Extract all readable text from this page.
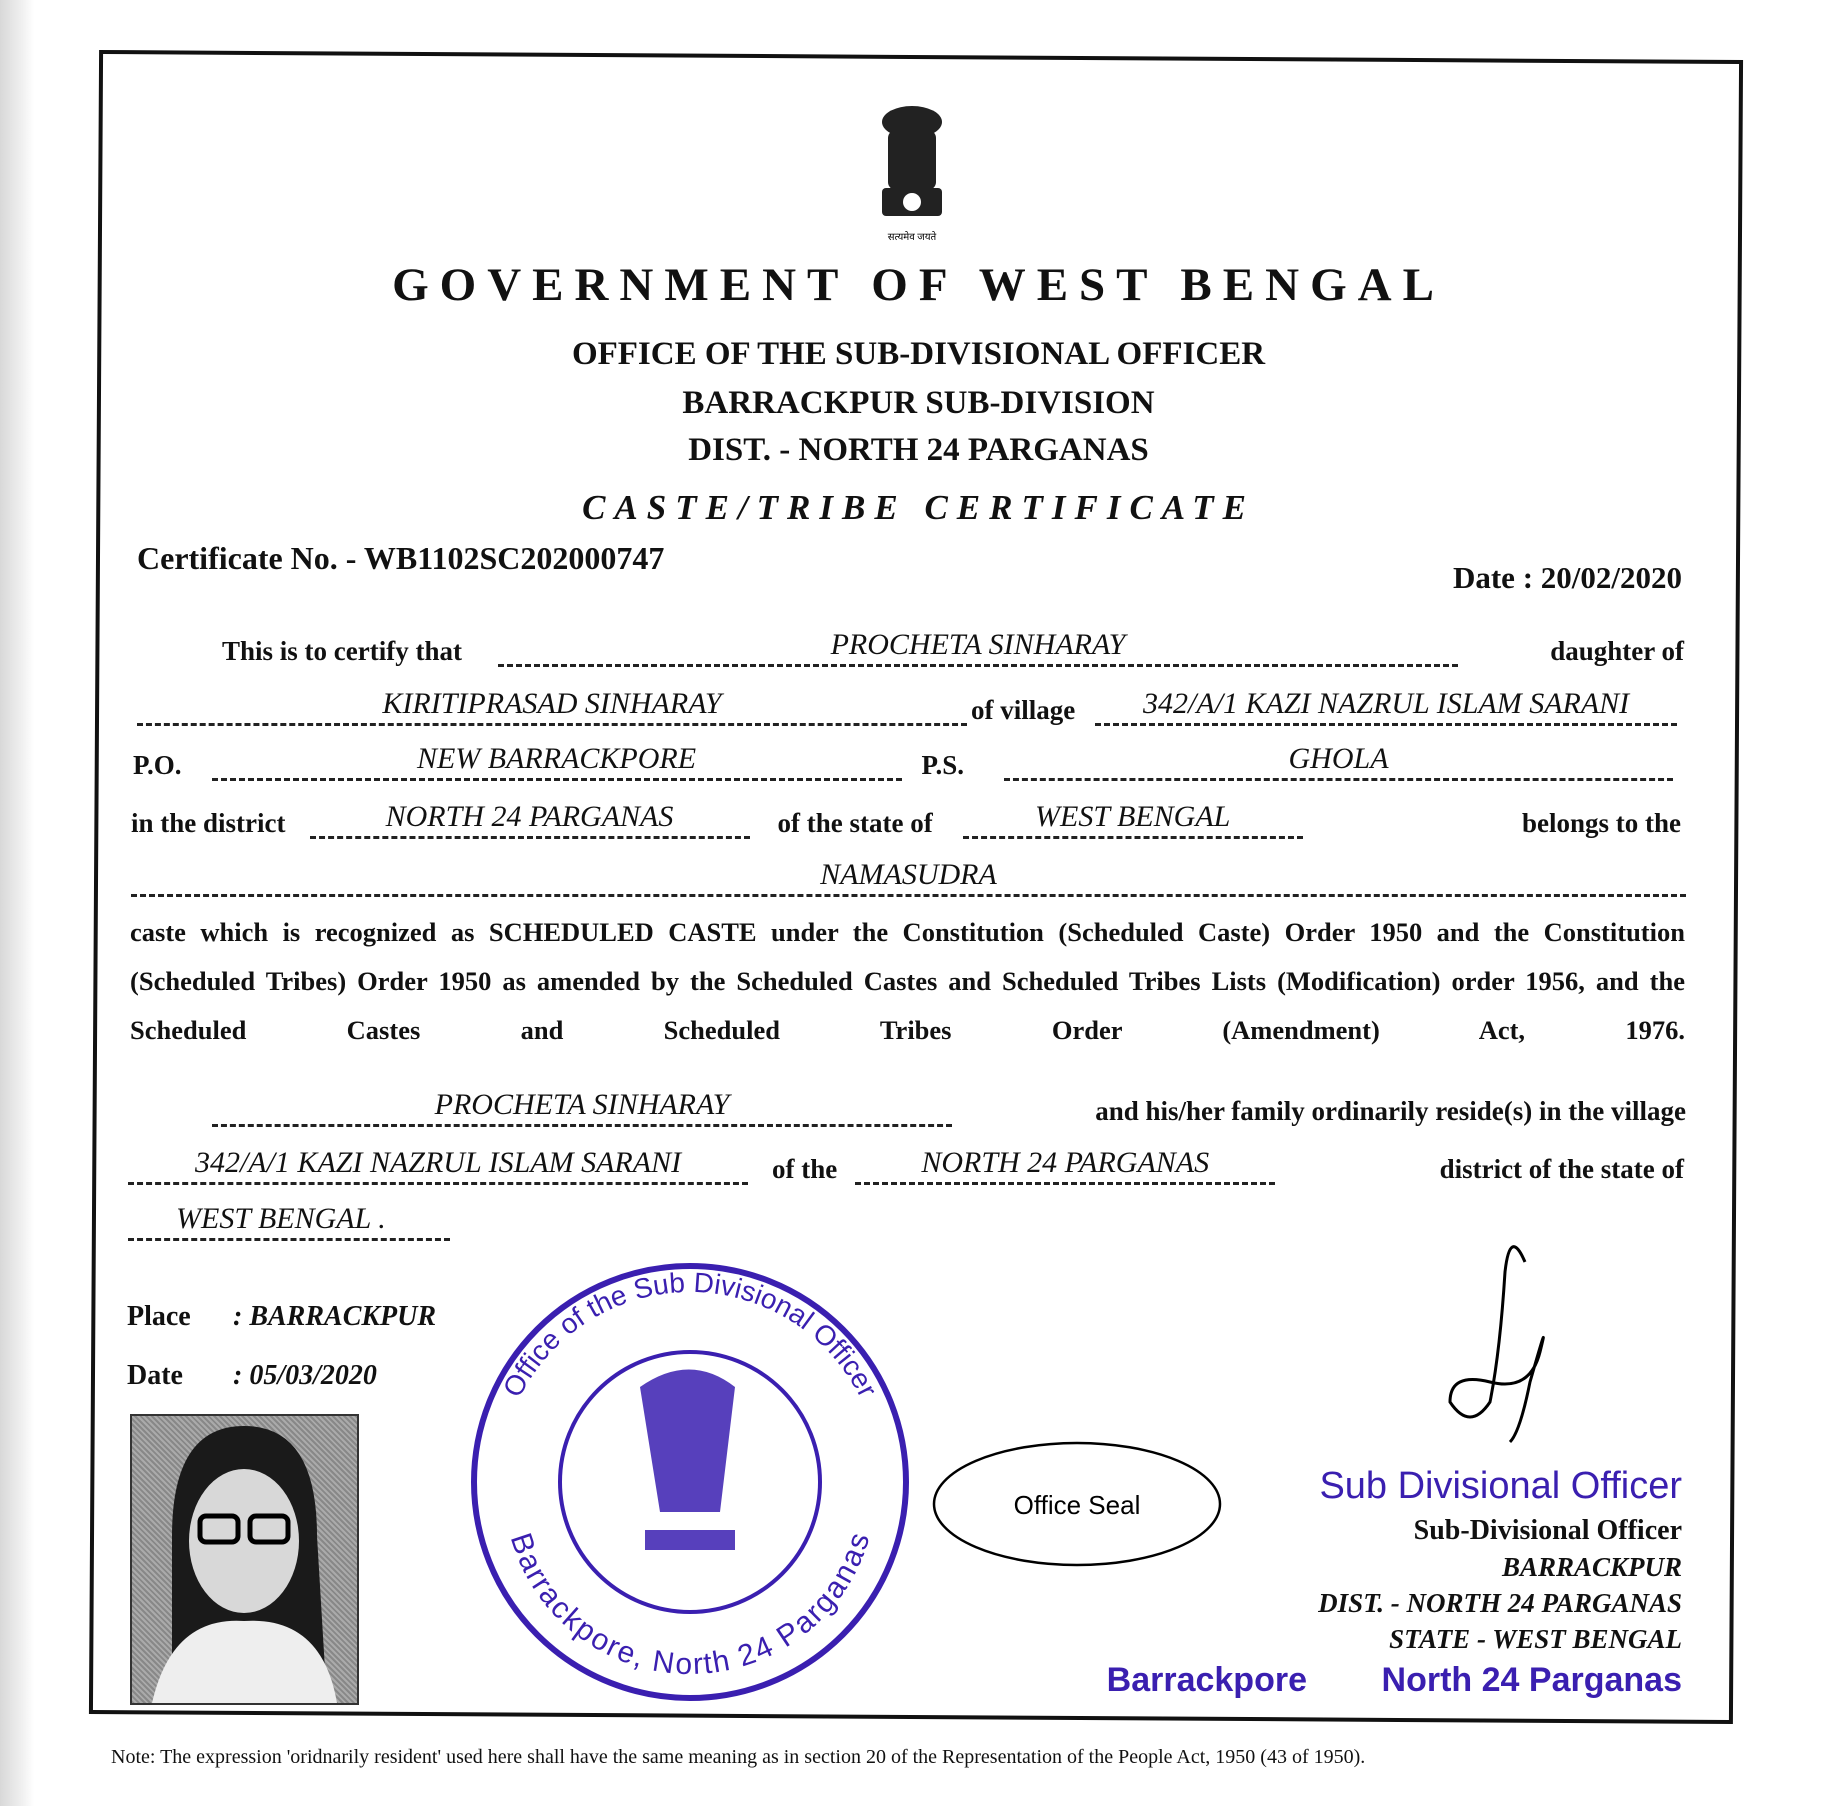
सत्यमेव जयते
GOVERNMENT OF WEST BENGAL
OFFICE OF THE SUB-DIVISIONAL OFFICER
BARRACKPUR SUB-DIVISION
DIST. - NORTH 24 PARGANAS
CASTE/TRIBE CERTIFICATE
Certificate No. - WB1102SC202000747
Date : 20/02/2020
This is to certify that	PROCHETA SINHARAY	daughter of
KIRITIPRASAD SINHARAY	of village	342/A/1 KAZI NAZRUL ISLAM SARANI
P.O.	NEW BARRACKPORE	P.S.	GHOLA
in the district	NORTH 24 PARGANAS	of the state of	WEST BENGAL	belongs to the
NAMASUDRA
caste which is recognized as SCHEDULED CASTE under the Constitution (Scheduled Caste) Order 1950 and the Constitution (Scheduled Tribes) Order 1950 as amended by the Scheduled Castes and Scheduled Tribes Lists (Modification) order 1956, and the Scheduled Castes and Scheduled Tribes Order (Amendment) Act, 1976.
PROCHETA SINHARAY	and his/her family ordinarily reside(s) in the village
342/A/1 KAZI NAZRUL ISLAM SARANI	of the	NORTH 24 PARGANAS	district of the state of
WEST BENGAL .
Place : BARRACKPUR
Date : 05/03/2020	Office of the Sub Divisional Officer
Barrackpore, North 24 Parganas
Office Seal	Sub Divisional Officer
Sub-Divisional Officer
BARRACKPUR
DIST. - NORTH 24 PARGANAS
STATE - WEST BENGAL
Barrackpore North 24 Parganas
Note: The expression 'oridnarily resident' used here shall have the same meaning as in section 20 of the Representation of the People Act, 1950 (43 of 1950).
